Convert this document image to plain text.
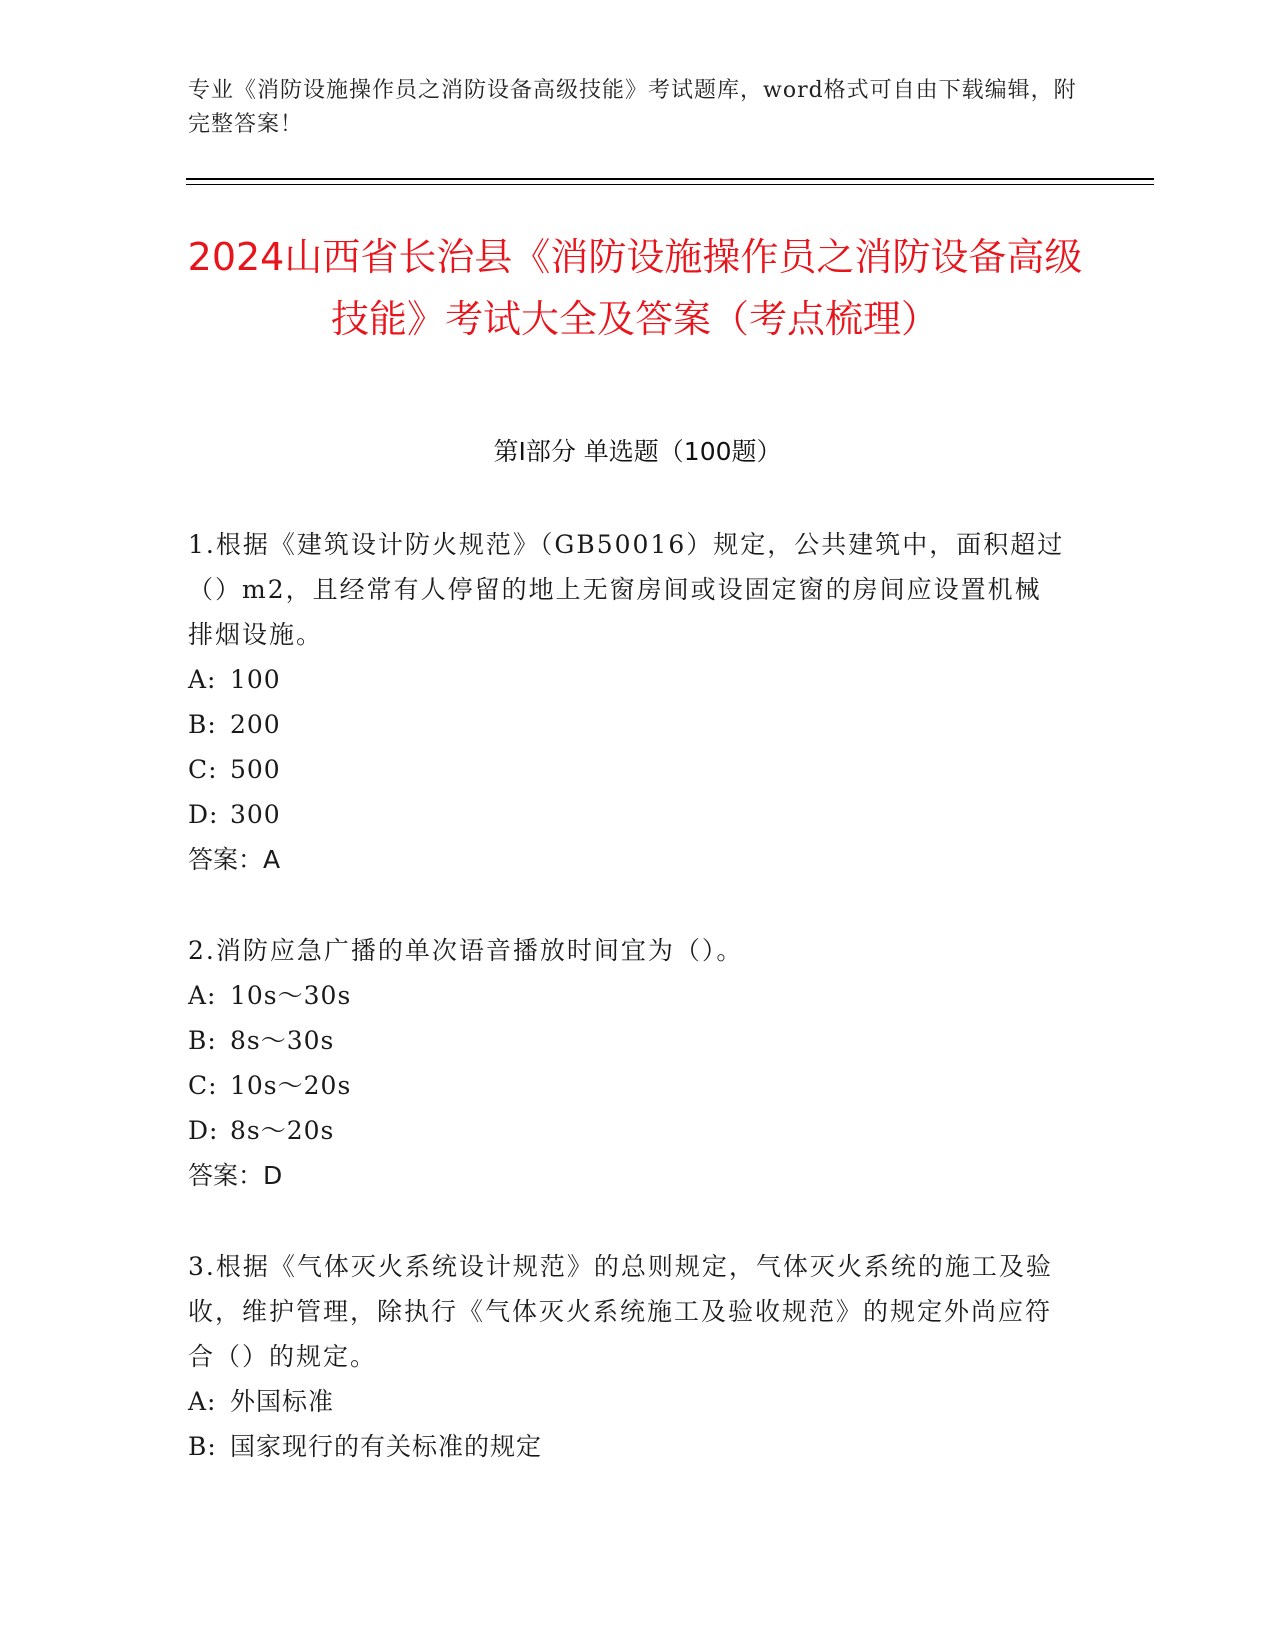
专业《消防设施操作员之消防设备高级技能》考试题库，word格式可自由下载编辑，附完整答案！
2024山西省长治县《消防设施操作员之消防设备高级技能》考试大全及答案（考点梳理）
第I部分 单选题（100题）

1.根据《建筑设计防火规范》（GB50016）规定，公共建筑中，面积超过（）m2，且经常有人停留的地上无窗房间或设固定窗的房间应设置机械排烟设施。

A: 100

B: 200

C: 500

D: 300

答案：A

2.消防应急广播的单次语音播放时间宜为（）。

A: 10s～30s

B: 8s～30s

C: 10s～20s

D: 8s～20s

答案：D

3.根据《气体灭火系统设计规范》的总则规定，气体灭火系统的施工及验收，维护管理，除执行《气体灭火系统施工及验收规范》的规定外尚应符合（）的规定。

A: 外国标准

B: 国家现行的有关标准的规定
